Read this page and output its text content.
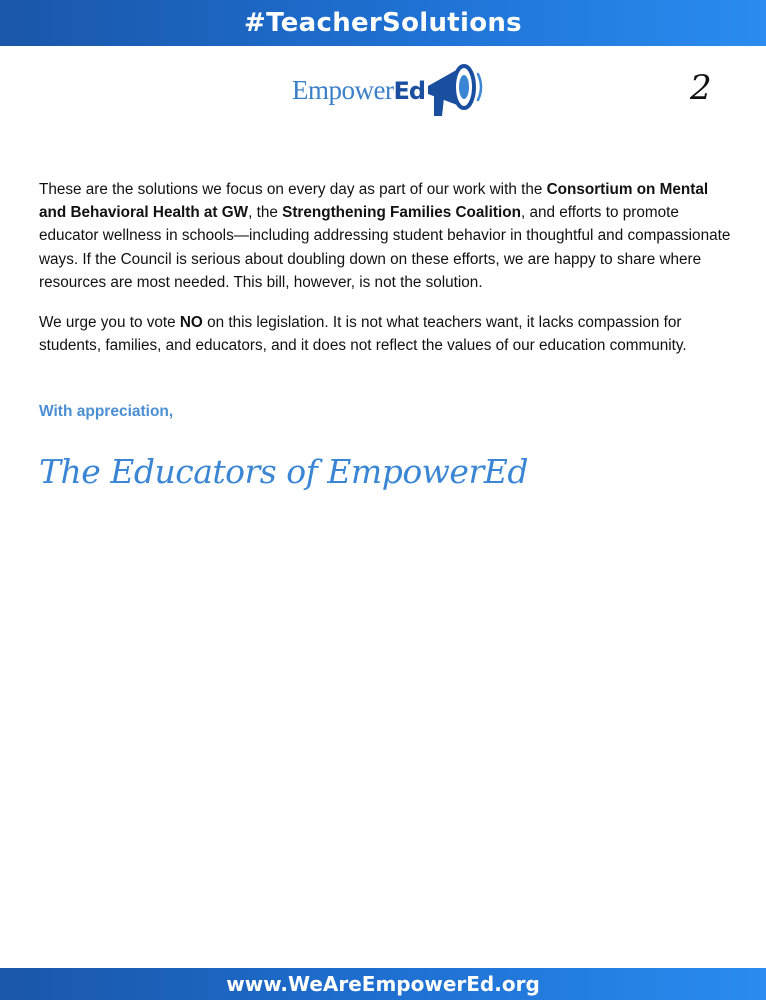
#TeacherSolutions
EmpowerEd	2

These are the solutions we focus on every day as part of our work with the Consortium on Mental and Behavioral Health at GW, the Strengthening Families Coalition, and efforts to promote educator wellness in schools—including addressing student behavior in thoughtful and compassionate ways. If the Council is serious about doubling down on these efforts, we are happy to share where resources are most needed. This bill, however, is not the solution.

We urge you to vote NO on this legislation. It is not what teachers want, it lacks compassion for students, families, and educators, and it does not reflect the values of our education community.

With appreciation,
The Educators of EmpowerEd
www.WeAreEmpowerEd.org
